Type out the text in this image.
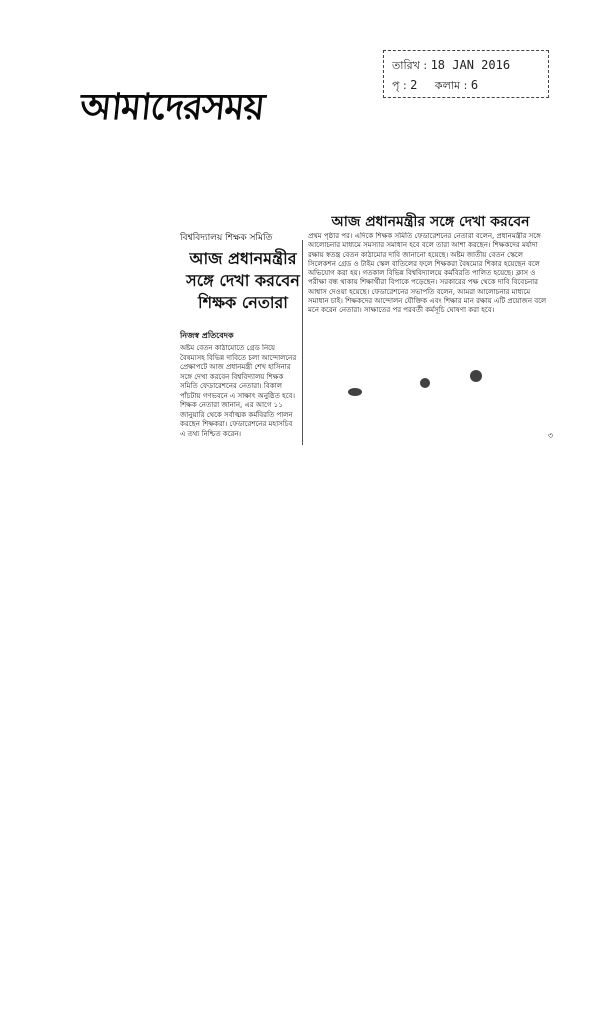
আমাদেরসময়
তারিখ : 18 JAN 2016
পৃ : 2 কলাম : 6
বিশ্ববিদ্যালয় শিক্ষক সমিতি
আজ প্রধানমন্ত্রীর সঙ্গে দেখা করবেন শিক্ষক নেতারা
নিজস্ব প্রতিবেদক
অষ্টম বেতন কাঠামোতে গ্রেড নিয়ে বৈষম্যসহ বিভিন্ন দাবিতে চলা আন্দোলনের প্রেক্ষাপটে আজ প্রধানমন্ত্রী শেখ হাসিনার সঙ্গে দেখা করবেন বিশ্ববিদ্যালয় শিক্ষক সমিতি ফেডারেশনের নেতারা। বিকাল পাঁচটায় গণভবনে এ সাক্ষাৎ অনুষ্ঠিত হবে। শিক্ষক নেতারা জানান, এর আগে ১১ জানুয়ারি থেকে সর্বাত্মক কর্মবিরতি পালন করছেন শিক্ষকরা। ফেডারেশনের মহাসচিব এ তথ্য নিশ্চিত করেন।
আজ প্রধানমন্ত্রীর সঙ্গে দেখা করবেন
প্রথম পৃষ্ঠার পর। এদিকে শিক্ষক সমিতি ফেডারেশনের নেতারা বলেন, প্রধানমন্ত্রীর সঙ্গে আলোচনার মাধ্যমে সমস্যার সমাধান হবে বলে তারা আশা করছেন। শিক্ষকদের মর্যাদা রক্ষায় স্বতন্ত্র বেতন কাঠামোর দাবি জানানো হয়েছে। অষ্টম জাতীয় বেতন স্কেলে সিলেকশন গ্রেড ও টাইম স্কেল বাতিলের ফলে শিক্ষকরা বৈষম্যের শিকার হয়েছেন বলে অভিযোগ করা হয়। গতকাল বিভিন্ন বিশ্ববিদ্যালয়ে কর্মবিরতি পালিত হয়েছে। ক্লাস ও পরীক্ষা বন্ধ থাকায় শিক্ষার্থীরা বিপাকে পড়েছেন। সরকারের পক্ষ থেকে দাবি বিবেচনার আশ্বাস দেওয়া হয়েছে। ফেডারেশনের সভাপতি বলেন, আমরা আলোচনার মাধ্যমে সমাধান চাই। শিক্ষকদের আন্দোলন যৌক্তিক এবং শিক্ষার মান রক্ষায় এটি প্রয়োজন বলে মনে করেন নেতারা। সাক্ষাতের পর পরবর্তী কর্মসূচি ঘোষণা করা হবে।
৩
